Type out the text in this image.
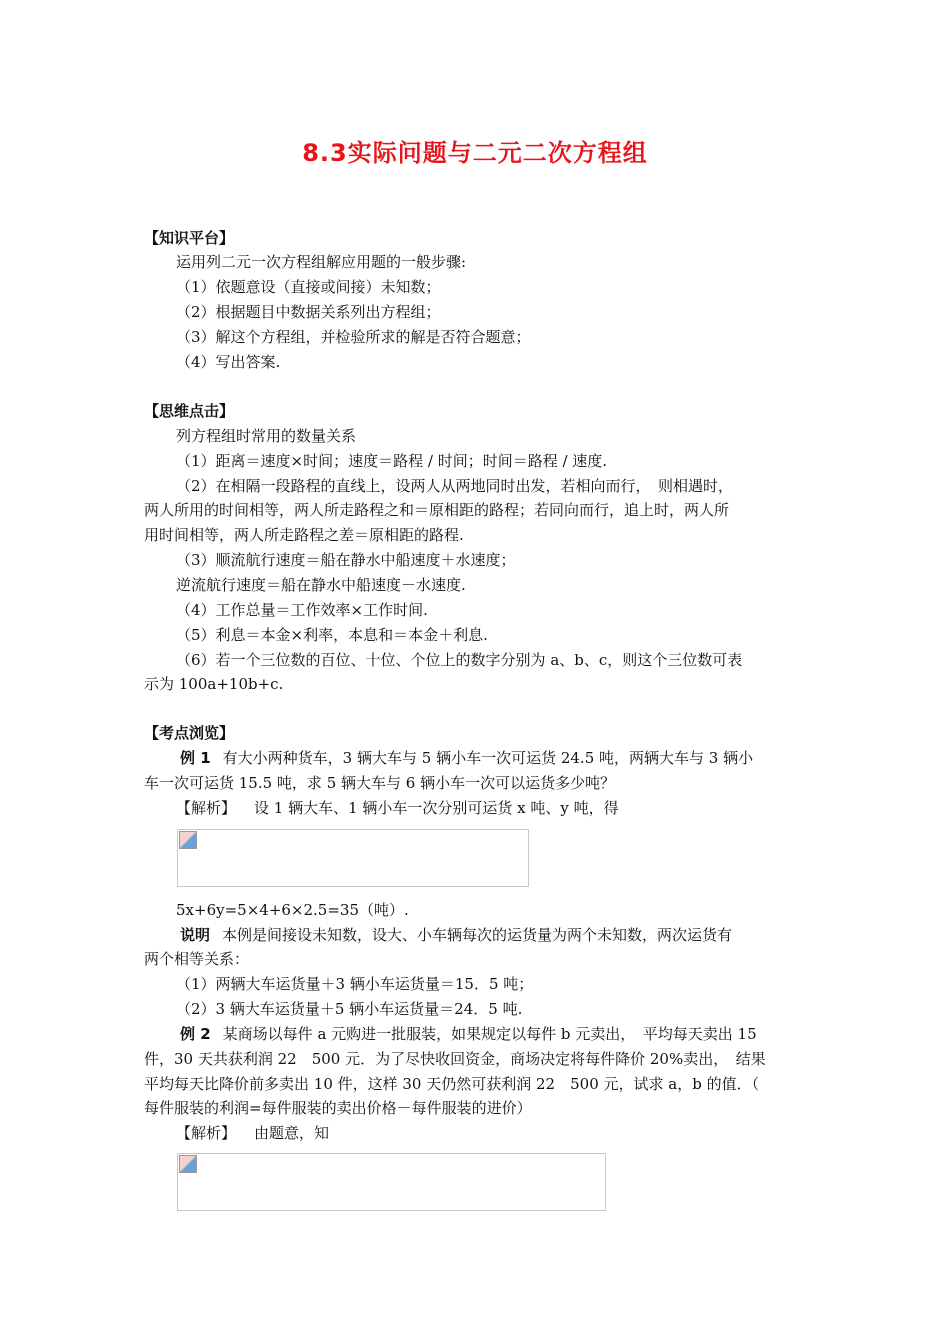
8.3实际问题与二元二次方程组
【知识平台】
运用列二元一次方程组解应用题的一般步骤:
（1）依题意设（直接或间接）未知数；
（2）根据题目中数据关系列出方程组；
（3）解这个方程组，并检验所求的解是否符合题意；
（4）写出答案.
【思维点击】
列方程组时常用的数量关系
（1）距离＝速度×时间；速度＝路程 / 时间；时间＝路程 / 速度.
（2）在相隔一段路程的直线上，设两人从两地同时出发，若相向而行，　则相遇时，
两人所用的时间相等，两人所走路程之和＝原相距的路程；若同向而行，追上时，两人所
用时间相等，两人所走路程之差＝原相距的路程.
（3）顺流航行速度＝船在静水中船速度＋水速度；
逆流航行速度＝船在静水中船速度－水速度.
（4）工作总量＝工作效率×工作时间.
（5）利息＝本金×利率，本息和＝本金＋利息.
（6）若一个三位数的百位、十位、个位上的数字分别为 a、b、c，则这个三位数可表
示为 100a+10b+c.
【考点浏览】
例 1 有大小两种货车，3 辆大车与 5 辆小车一次可运货 24.5 吨，两辆大车与 3 辆小
车一次可运货 15.5 吨，求 5 辆大车与 6 辆小车一次可以运货多少吨？
【解析】 设 1 辆大车、1 辆小车一次分别可运货 x 吨、y 吨，得
5x+6y=5×4+6×2.5=35（吨）.
说明 本例是间接设未知数，设大、小车辆每次的运货量为两个未知数，两次运货有
两个相等关系：
（1）两辆大车运货量＋3 辆小车运货量＝15．5 吨；
（2）3 辆大车运货量＋5 辆小车运货量＝24．5 吨.
例 2 某商场以每件 a 元购进一批服装，如果规定以每件 b 元卖出，　平均每天卖出 15
件，30 天共获利润 22　500 元．为了尽快收回资金，商场决定将每件降价 20%卖出，　结果
平均每天比降价前多卖出 10 件，这样 30 天仍然可获利润 22　500 元，试求 a，b 的值．（
每件服装的利润=每件服装的卖出价格－每件服装的进价）
【解析】 由题意，知
